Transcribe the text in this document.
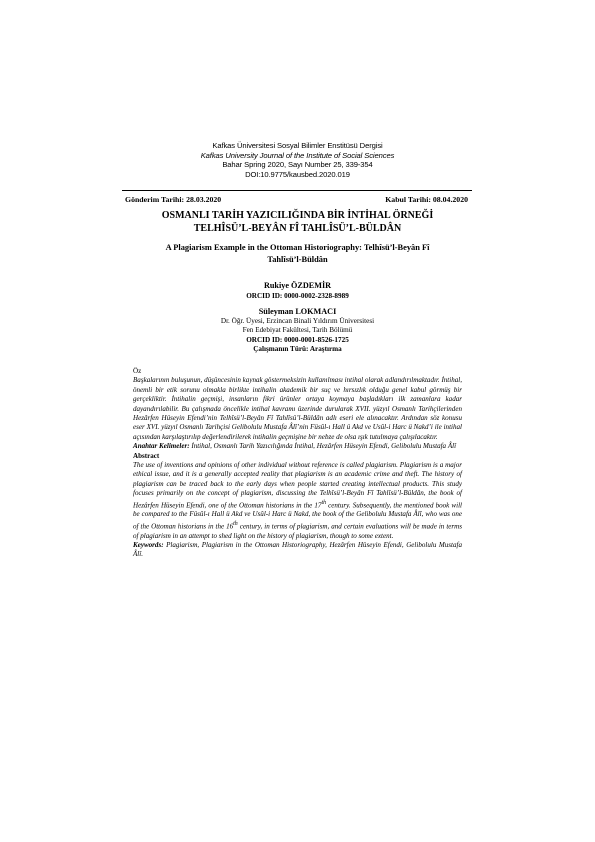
Kafkas Üniversitesi Sosyal Bilimler Enstitüsü Dergisi
Kafkas University Journal of the Institute of Social Sciences
Bahar Spring 2020, Sayı Number 25, 339-354
DOI:10.9775/kausbed.2020.019
Gönderim Tarihi: 28.03.2020	Kabul Tarihi: 08.04.2020
OSMANLI TARİH YAZICILIĞINDA BİR İNTİHAL ÖRNEĞİ
TELHÎSÜ’L-BEYÂN FÎ TAHLÎSÜ’L-BÜLDÂN
A Plagiarism Example in the Ottoman Historiography: Telhîsü’l-Beyân Fî
Tahlîsü’l-Büldân
Rukiye ÖZDEMİR
ORCID ID: 0000-0002-2328-8989
Süleyman LOKMACI
Dr. Öğr. Üyesi, Erzincan Binali Yıldırım Üniversitesi
Fen Edebiyat Fakültesi, Tarih Bölümü
ORCID ID: 0000-0001-8526-1725
Çalışmanın Türü: Araştırma

Öz

Başkalarının buluşunun, düşüncesinin kaynak göstermeksizin kullanılması intihal olarak adlandırılmaktadır. İntihal, önemli bir etik sorunu olmakla birlikte intihalin akademik bir suç ve hırsızlık olduğu genel kabul görmüş bir gerçekliktir. İntihalin geçmişi, insanların fikri ürünler ortaya koymaya başladıkları ilk zamanlara kadar dayandırılabilir. Bu çalışmada öncelikle intihal kavramı üzerinde durularak XVII. yüzyıl Osmanlı Tarihçilerinden Hezârfen Hüseyin Efendi’nin Telhîsü’l-Beyân Fî Tahlîsü’l-Büldân adlı eseri ele alınacaktır. Ardından söz konusu eser XVI. yüzyıl Osmanlı Tarihçisi Gelibolulu Mustafa Âlî’nin Füsûl-ı Hall ü Akd ve Usûl-i Harc ü Nakd’i ile intihal açısından karşılaştırılıp değerlendirilerek intihalin geçmişine bir nebze de olsa ışık tutulmaya çalışılacaktır.

Anahtar Kelimeler: İntihal, Osmanlı Tarih Yazıcılığında İntihal, Hezârfen Hüseyin Efendi, Gelibolulu Mustafa Âlî

Abstract

The use of inventions and opinions of other individual without reference is called plagiarism. Plagiarism is a major ethical issue, and it is a generally accepted reality that plagiarism is an academic crime and theft. The history of plagiarism can be traced back to the early days when people started creating intellectual products. This study focuses primarily on the concept of plagiarism, discussing the Telhîsü’l-Beyân Fî Tahlîsü’l-Büldân, the book of Hezârfen Hüseyin Efendi, one of the Ottoman historians in the 17th century. Subsequently, the mentioned book will be compared to the Füsûl-ı Hall ü Akd ve Usûl-i Harc ü Nakd, the book of the Gelibolulu Mustafa Âlî, who was one of the Ottoman historians in the 16th century, in terms of plagiarism, and certain evaluations will be made in terms of plagiarism in an attempt to shed light on the history of plagiarism, though to some extent.

Keywords: Plagiarism, Plagiarism in the Ottoman Historiography, Hezârfen Hüseyin Efendi, Gelibolulu Mustafa Âlî.
